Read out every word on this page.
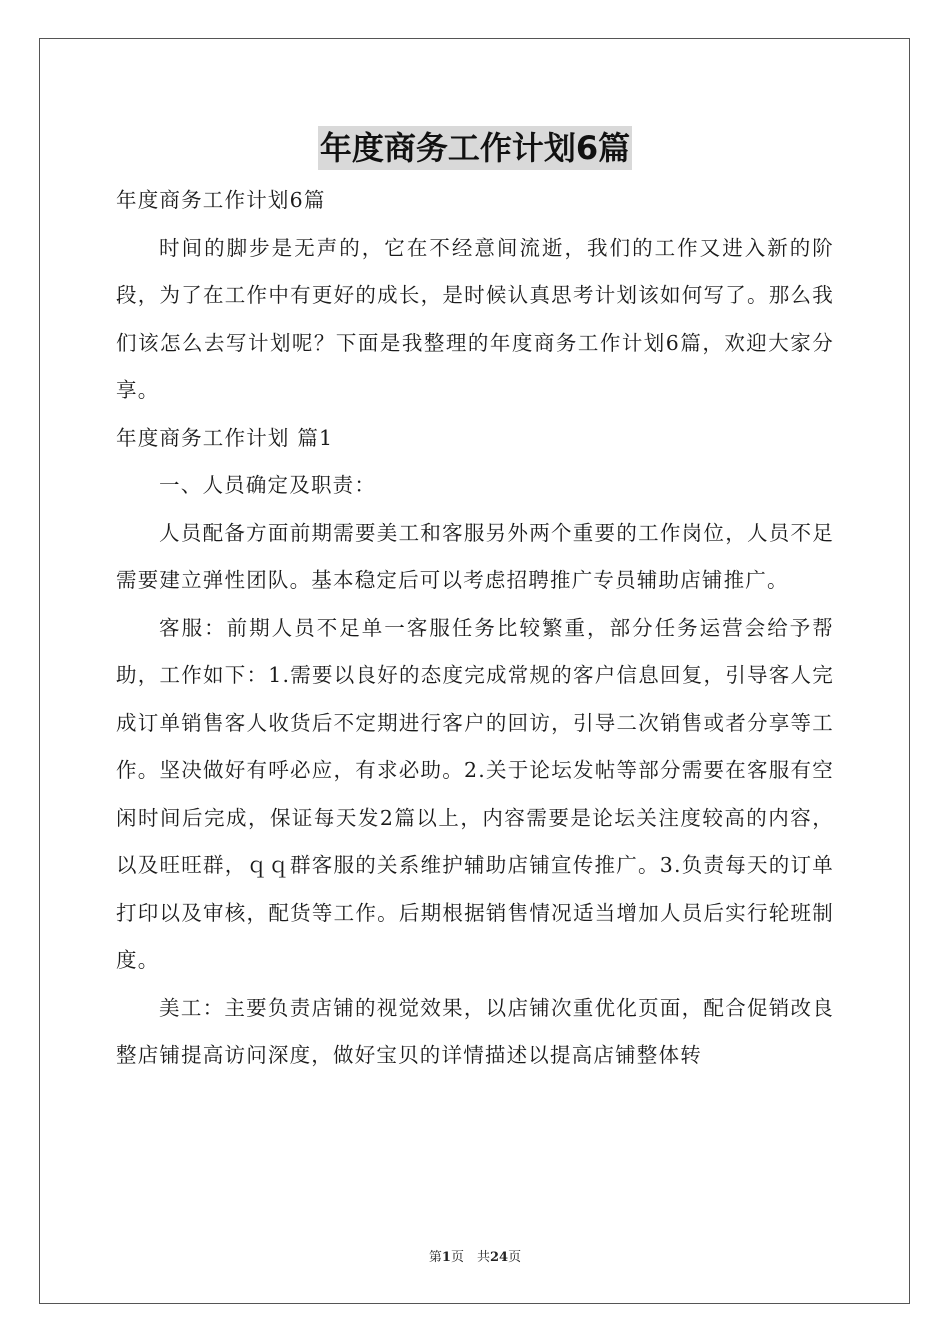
年度商务工作计划6篇

年度商务工作计划6篇

时间的脚步是无声的，它在不经意间流逝，我们的工作又进入新的阶段，为了在工作中有更好的成长，是时候认真思考计划该如何写了。那么我们该怎么去写计划呢？下面是我整理的年度商务工作计划6篇，欢迎大家分享。

年度商务工作计划 篇1

一、人员确定及职责：

人员配备方面前期需要美工和客服另外两个重要的工作岗位，人员不足需要建立弹性团队。基本稳定后可以考虑招聘推广专员辅助店铺推广。

客服：前期人员不足单一客服任务比较繁重，部分任务运营会给予帮助，工作如下：1.需要以良好的态度完成常规的客户信息回复，引导客人完成订单销售客人收货后不定期进行客户的回访，引导二次销售或者分享等工作。坚决做好有呼必应，有求必助。2.关于论坛发帖等部分需要在客服有空闲时间后完成，保证每天发2篇以上，内容需要是论坛关注度较高的内容，以及旺旺群，ｑｑ群客服的关系维护辅助店铺宣传推广。3.负责每天的订单打印以及审核，配货等工作。后期根据销售情况适当增加人员后实行轮班制度。

美工：主要负责店铺的视觉效果，以店铺次重优化页面，配合促销改良整店铺提高访问深度，做好宝贝的详情描述以提高店铺整体转

第1页　共24页
